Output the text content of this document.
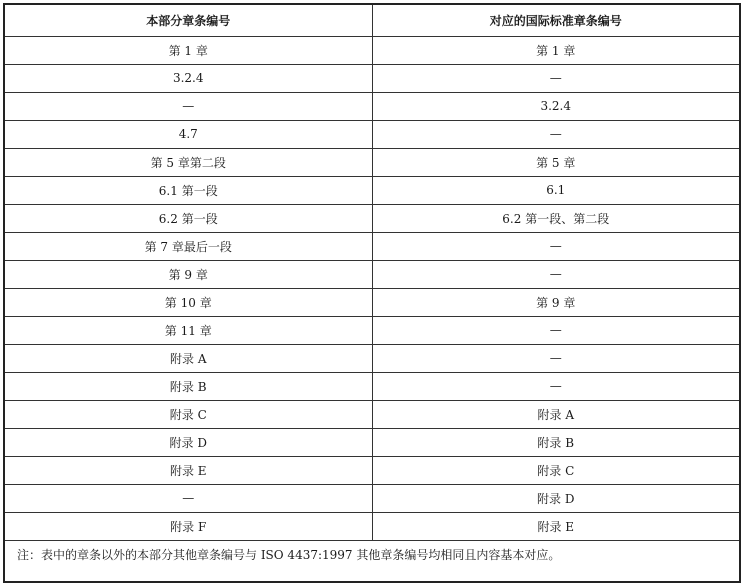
本部分章条编号	对应的国际标准章条编号
第 1 章	第 1 章
3.2.4	—
—	3.2.4
4.7	—
第 5 章第二段	第 5 章
6.1 第一段	6.1
6.2 第一段	6.2 第一段、第二段
第 7 章最后一段	—
第 9 章	—
第 10 章	第 9 章
第 11 章	—
附录 A	—
附录 B	—
附录 C	附录 A
附录 D	附录 B
附录 E	附录 C
—	附录 D
附录 F	附录 E
注：表中的章条以外的本部分其他章条编号与 ISO 4437:1997 其他章条编号均相同且内容基本对应。	
